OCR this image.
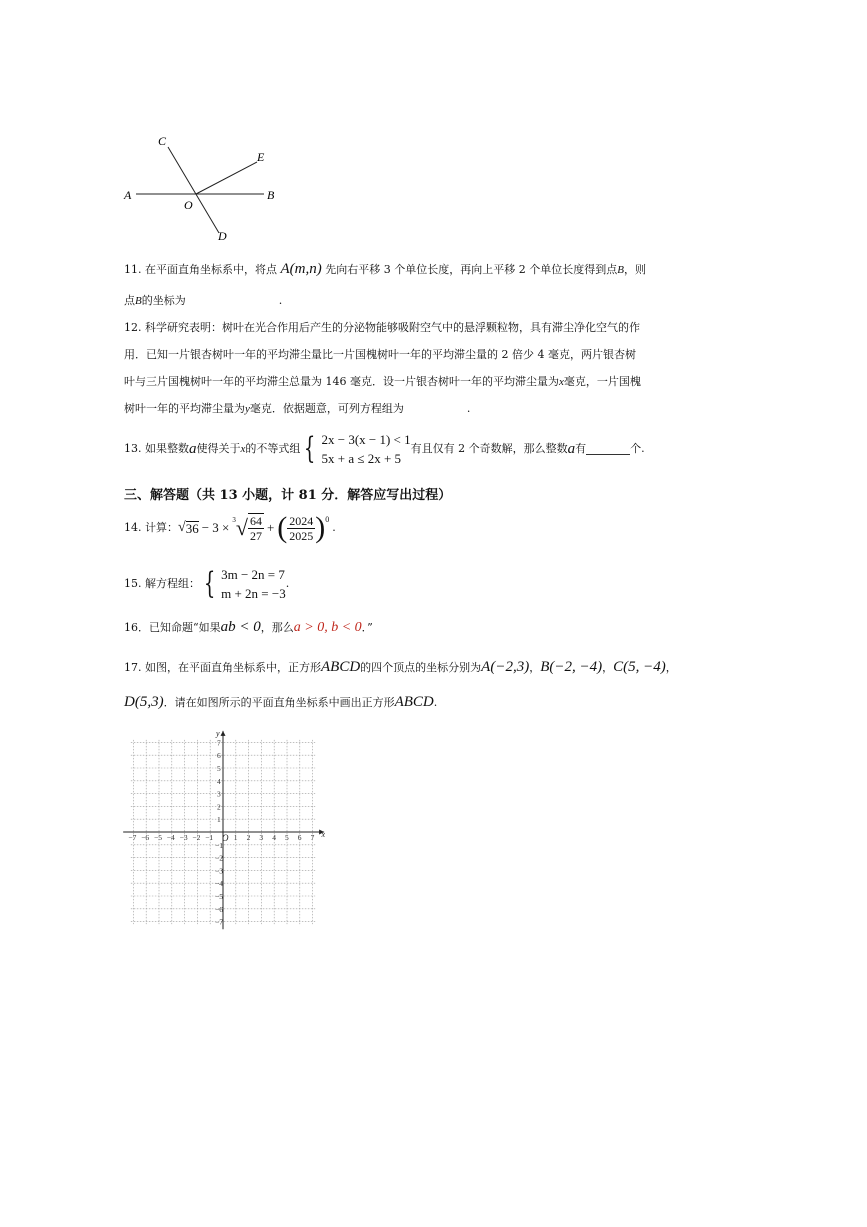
A	B
C
D
E
O
11. 在平面直角坐标系中，将点 A(m,n) 先向右平移 3 个单位长度，再向上平移 2 个单位长度得到点B，则
点B的坐标为	.
12. 科学研究表明：树叶在光合作用后产生的分泌物能够吸附空气中的悬浮颗粒物，具有滞尘净化空气的作
用．已知一片银杏树叶一年的平均滞尘量比一片国槐树叶一年的平均滞尘量的 2 倍少 4 毫克，两片银杏树
叶与三片国槐树叶一年的平均滞尘总量为 146 毫克．设一片银杏树叶一年的平均滞尘量为x毫克，一片国槐
树叶一年的平均滞尘量为y毫克．依据题意，可列方程组为	.
13. 如果整数 a 使得关于 x 的不等式组 { 2x − 3(x − 1) < 1
5x + a ≤ 2x + 5
有且仅有 2 个奇数解，那么整数 a 有	个.
三、解答题（共 13 小题，计 81 分．解答应写出过程）
14. 计算： √ 36 − 3 × 3 √ $\frac{64}{27}$ + ( $\frac{2024}{2025}$ ) 0
.
15. 解方程组： { 3m − 2n = 7
m + 2n = −3
.
16．已知命题“如果ab < 0，那么a > 0, b < 0．”
17. 如图，在平面直角坐标系中，正方形ABCD的四个顶点的坐标分别为A(−2,3)，B(−2, −4)，C(5, −4)，
D(5,3)．请在如图所示的平面直角坐标系中画出正方形ABCD.
−7 −6 −5 −4 −3 −2 −1	1 2 3 4 5 6 7
7
6
5
4
3
2
1
−1
−2
−3
−4
−5
−6
−7
x
y
O
